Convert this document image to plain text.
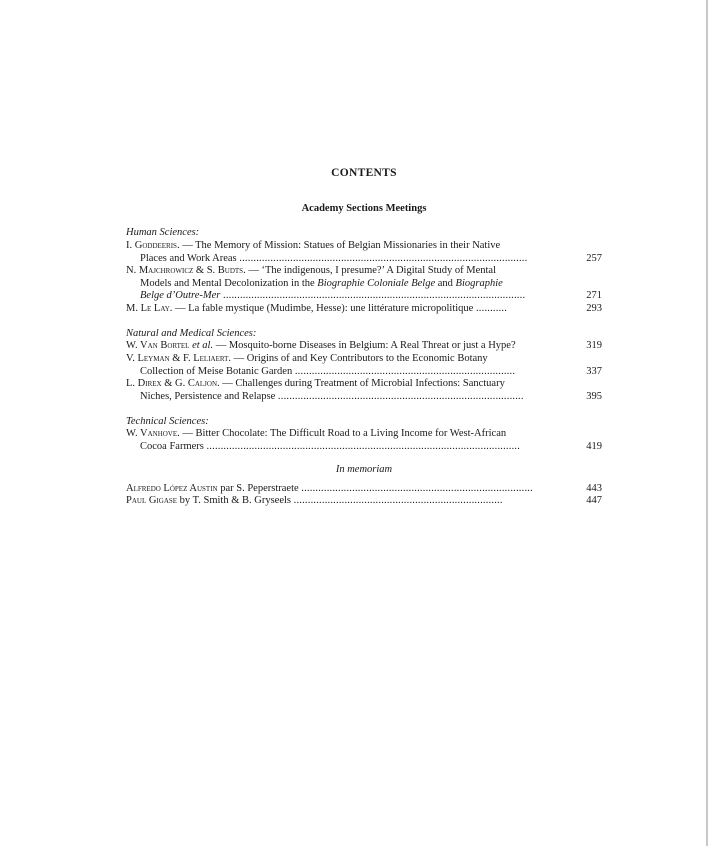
CONTENTS
Academy Sections Meetings
Human Sciences:
I. Goddeeris. — The Memory of Mission: Statues of Belgian Missionaries in their Native
Places and Work Areas ......................................................................................................	257
N. Majchrowicz & S. Budts. — ‘The indigenous, I presume?’ A Digital Study of Mental
Models and Mental Decolonization in the Biographie Coloniale Belge and Biographie
Belge d’Outre-Mer ...........................................................................................................	271
M. Le Lay. — La fable mystique (Mudimbe, Hesse): une littérature micropolitique ...........	293
Natural and Medical Sciences:
W. Van Bortel et al. — Mosquito-borne Diseases in Belgium: A Real Threat or just a Hype?	319
V. Leyman & F. Leliaert. — Origins of and Key Contributors to the Economic Botany
Collection of Meise Botanic Garden ..............................................................................	337
L. Direx & G. Caljon. — Challenges during Treatment of Microbial Infections: Sanctuary
Niches, Persistence and Relapse .......................................................................................	395
Technical Sciences:
W. Vanhove. — Bitter Chocolate: The Difficult Road to a Living Income for West-African
Cocoa Farmers ...............................................................................................................	419
In memoriam
Alfredo López Austin par S. Peperstraete ..................................................................................	443
Paul Gigase by T. Smith & B. Gryseels ..........................................................................	447
